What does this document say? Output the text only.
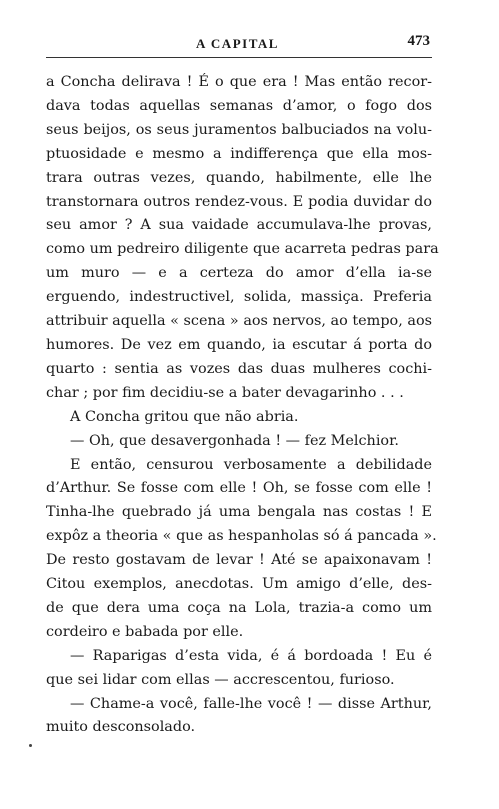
A CAPITAL	473
a Concha delirava ! É o que era ! Mas então recor-
dava todas aquellas semanas d’amor, o fogo dos
seus beijos, os seus juramentos balbuciados na volu-
ptuosidade e mesmo a indifferença que ella mos-
trara outras vezes, quando, habilmente, elle lhe
transtornara outros rendez-vous. E podia duvidar do
seu amor ? A sua vaidade accumulava-lhe provas,
como um pedreiro diligente que acarreta pedras para
um muro — e a certeza do amor d’ella ia-se
erguendo, indestructivel, solida, massiça. Preferia
attribuir aquella « scena » aos nervos, ao tempo, aos
humores. De vez em quando, ia escutar á porta do
quarto : sentia as vozes das duas mulheres cochi-
char ; por fim decidiu-se a bater devagarinho . . .
A Concha gritou que não abria.
— Oh, que desavergonhada ! — fez Melchior.
E então, censurou verbosamente a debilidade
d’Arthur. Se fosse com elle ! Oh, se fosse com elle !
Tinha-lhe quebrado já uma bengala nas costas ! E
expôz a theoria « que as hespanholas só á pancada ».
De resto gostavam de levar ! Até se apaixonavam !
Citou exemplos, anecdotas. Um amigo d’elle, des-
de que dera uma coça na Lola, trazia-a como um
cordeiro e babada por elle.
— Raparigas d’esta vida, é á bordoada ! Eu é
que sei lidar com ellas — accrescentou, furioso.
— Chame-a você, falle-lhe você ! — disse Arthur,
muito desconsolado.
